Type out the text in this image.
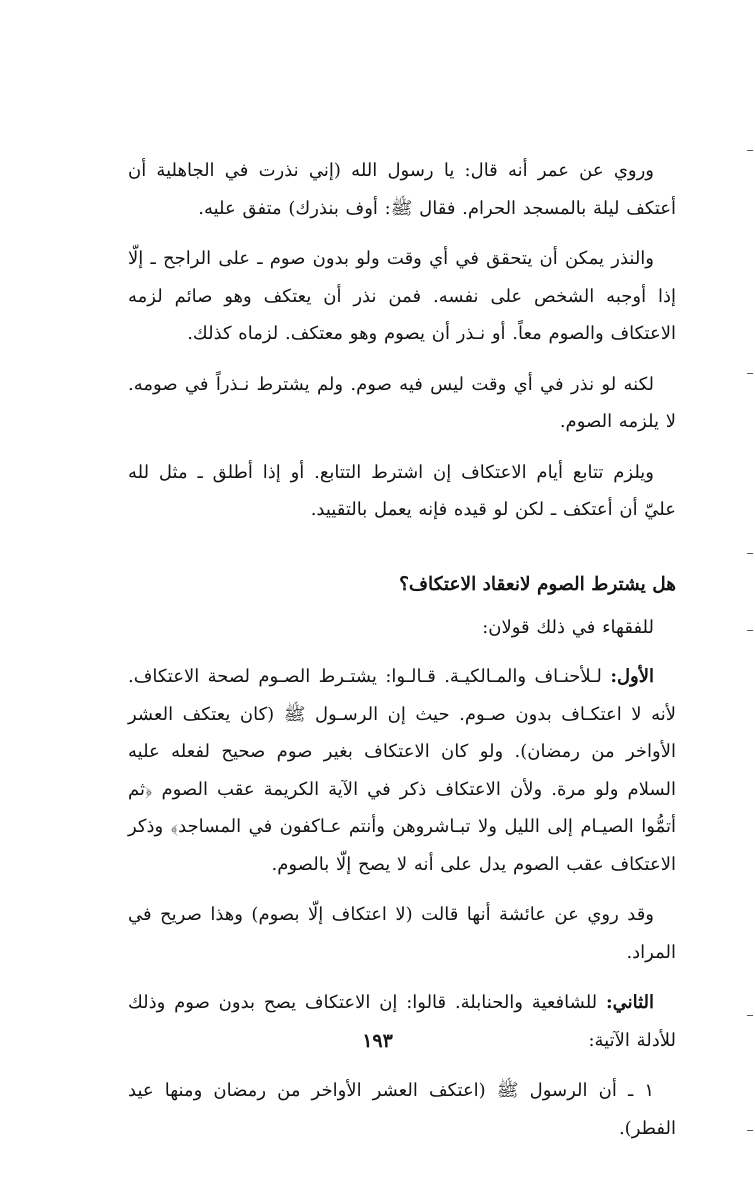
وروي عن عمر أنه قال: يا رسول الله (إني نذرت في الجاهلية أن أعتكف ليلة بالمسجد الحرام. فقال ﷺ: أوف بنذرك) متفق عليه.

والنذر يمكن أن يتحقق في أي وقت ولو بدون صوم ـ على الراجح ـ إلّا إذا أوجبه الشخص على نفسه. فمن نذر أن يعتكف وهو صائم لزمه الاعتكاف والصوم معاً. أو نـذر أن يصوم وهو معتكف. لزماه كذلك.

لكنه لو نذر في أي وقت ليس فيه صوم. ولم يشترط نـذراً في صومه. لا يلزمه الصوم.

ويلزم تتابع أيام الاعتكاف إن اشترط التتابع. أو إذا أطلق ـ مثل لله عليّ أن أعتكف ـ لكن لو قيده فإنه يعمل بالتقييد.

هل يشترط الصوم لانعقاد الاعتكاف؟

للفقهاء في ذلك قولان:

الأول: لـلأحنـاف والمـالكيـة. قـالـوا: يشتـرط الصـوم لصحة الاعتكاف. لأنه لا اعتكـاف بدون صـوم. حيث إن الرسـول ﷺ (كان يعتكف العشر الأواخر من رمضان). ولو كان الاعتكاف بغير صوم صحيح لفعله عليه السلام ولو مرة. ولأن الاعتكاف ذكر في الآية الكريمة عقب الصوم ﴿ثم أتمُّوا الصيـام إلى الليل ولا تبـاشروهن وأنتم عـاكفون في المساجد﴾ وذكر الاعتكاف عقب الصوم يدل على أنه لا يصح إلّا بالصوم.

وقد روي عن عائشة أنها قالت (لا اعتكاف إلّا بصوم) وهذا صريح في المراد.

الثاني: للشافعية والحنابلة. قالوا: إن الاعتكاف يصح بدون صوم وذلك للأدلة الآتية:

١ ـ أن الرسول ﷺ (اعتكف العشر الأواخر من رمضان ومنها عيد الفطر).

١٩٣
